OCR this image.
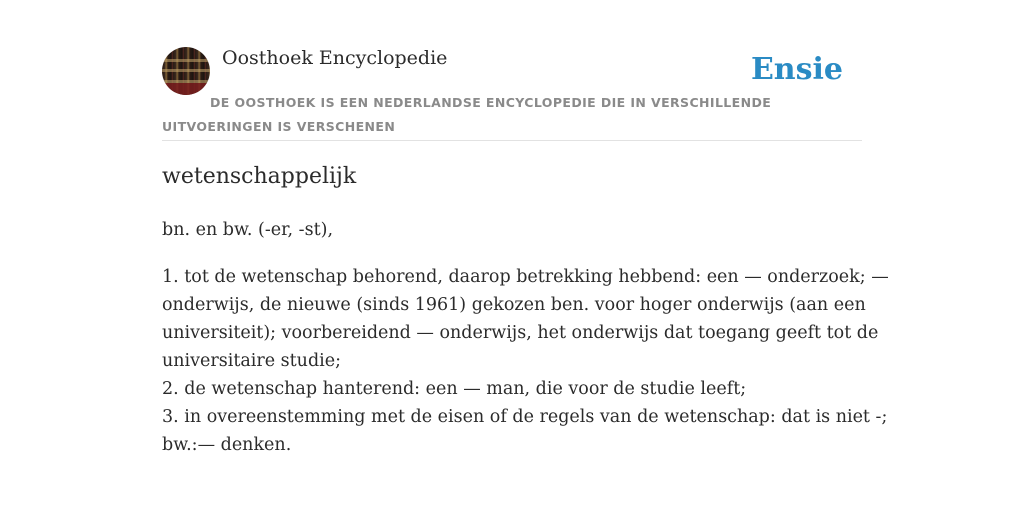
Oosthoek Encyclopedie	Ensie
DE OOSTHOEK IS EEN NEDERLANDSE ENCYCLOPEDIE DIE IN VERSCHILLENDE UITVOERINGEN IS VERSCHENEN
wetenschappelijk
bn. en bw. (-er, -st),
1. tot de wetenschap behorend, daarop betrekking hebbend: een — onderzoek; —
onderwijs, de nieuwe (sinds 1961) gekozen ben. voor hoger onderwijs (aan een
universiteit); voorbereidend — onderwijs, het onderwijs dat toegang geeft tot de
universitaire studie;
2. de wetenschap hanterend: een — man, die voor de studie leeft;
3. in overeenstemming met de eisen of de regels van de wetenschap: dat is niet -;
bw.:— denken.
